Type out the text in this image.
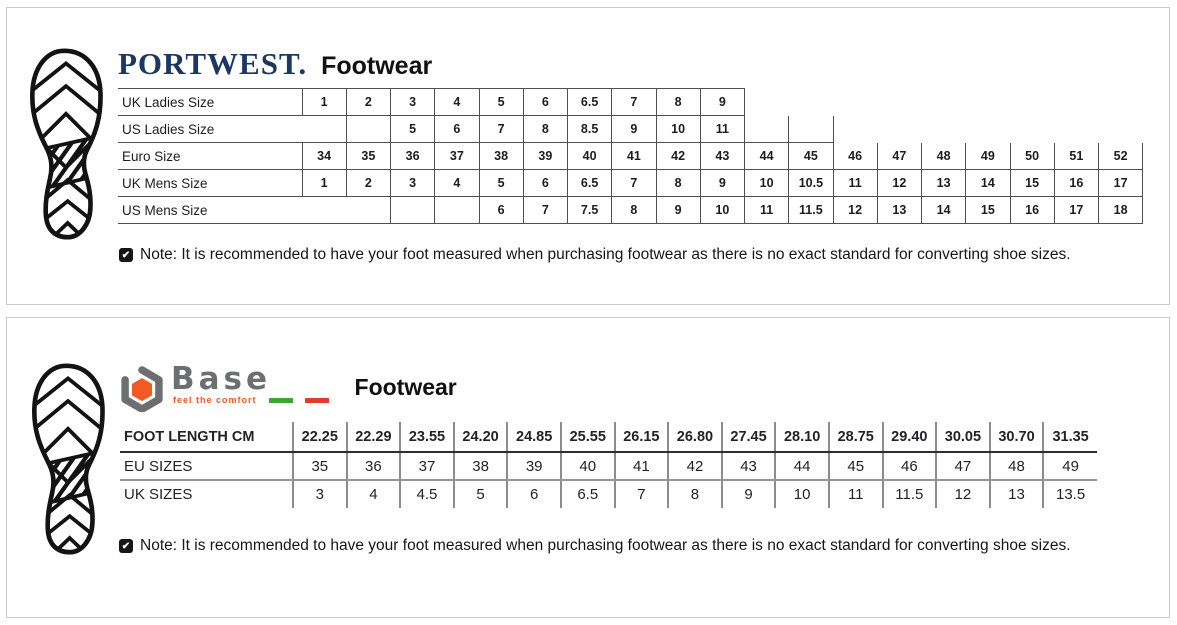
PORTWEST. Footwear
UK Ladies Size	1	2	3	4	5	6	6.5	7	8	9									
US Ladies Size			5	6	7	8	8.5	9	10	11									
Euro Size	34	35	36	37	38	39	40	41	42	43	44	45	46	47	48	49	50	51	52
UK Mens Size	1	2	3	4	5	6	6.5	7	8	9	10	10.5	11	12	13	14	15	16	17
US Mens Size					6	7	7.5	8	9	10	11	11.5	12	13	14	15	16	17	18
✔ Note: It is recommended to have your foot measured when purchasing footwear as there is no exact standard for converting shoe sizes.
Base
feel the comfort	Footwear
FOOT LENGTH CM	22.25	22.29	23.55	24.20	24.85	25.55	26.15	26.80	27.45	28.10	28.75	29.40	30.05	30.70	31.35
EU SIZES	35	36	37	38	39	40	41	42	43	44	45	46	47	48	49
UK SIZES	3	4	4.5	5	6	6.5	7	8	9	10	11	11.5	12	13	13.5
✔ Note: It is recommended to have your foot measured when purchasing footwear as there is no exact standard for converting shoe sizes.
